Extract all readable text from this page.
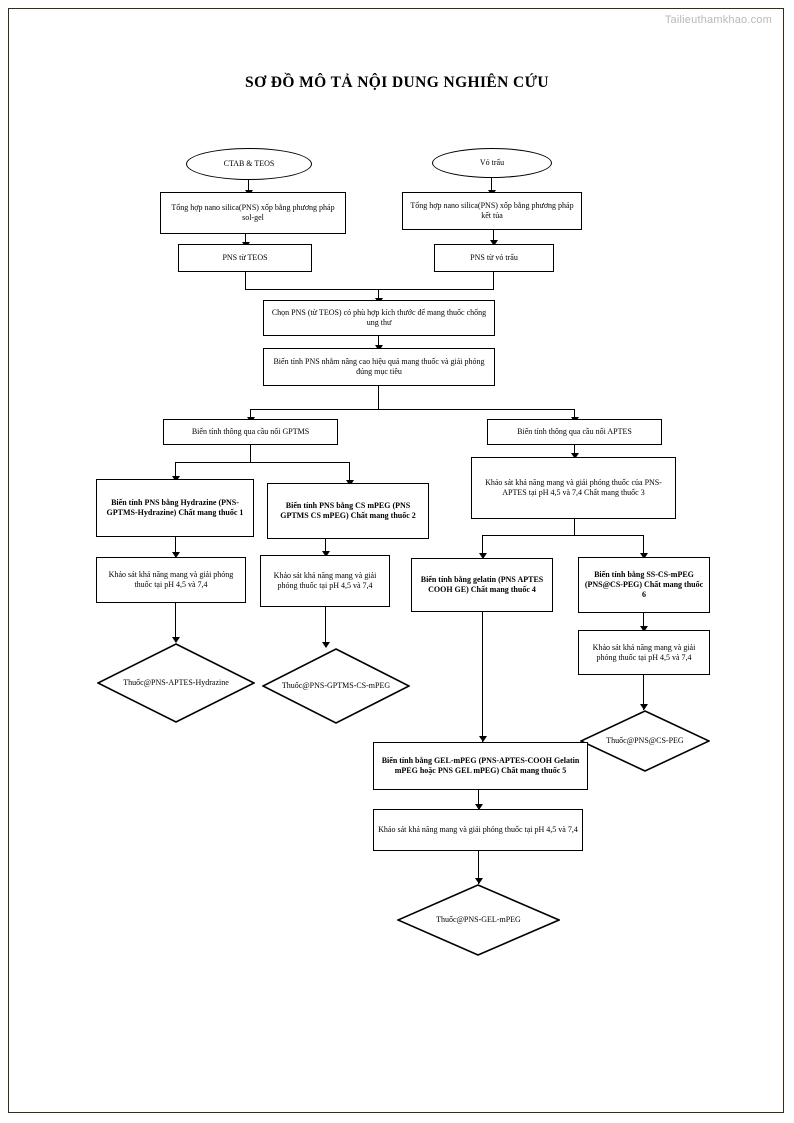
Tailieuthamkhao.com
SƠ ĐỒ MÔ TẢ NỘI DUNG NGHIÊN CỨU
CTAB & TEOS	Vỏ trấu
Tổng hợp nano silica(PNS) xốp bằng phương pháp sol-gel
Tổng hợp nano silica(PNS) xốp bằng phương pháp kết tủa
PNS từ TEOS	PNS từ vỏ trấu
Chọn PNS (từ TEOS) có phù hợp kích thước để mang thuốc chống ung thư
Biến tính PNS nhằm nâng cao hiệu quả mang thuốc và giải phóng đúng mục tiêu
Biến tính thông qua cầu nối GPTMS	Biến tính thông qua cầu nối APTES
Biến tính PNS bằng Hydrazine (PNS-GPTMS-Hydrazine) Chất mang thuốc 1
Biến tính PNS bằng CS mPEG (PNS GPTMS CS mPEG) Chất mang thuốc 2
Khảo sát khả năng mang và giải phóng thuốc của PNS-APTES tại pH 4,5 và 7,4 Chất mang thuốc 3
Khảo sát khả năng mang và giải phóng thuốc tại pH 4,5 và 7,4
Khảo sát khả năng mang và giải phóng thuốc tại pH 4,5 và 7,4
Biến tính bằng gelatin (PNS APTES COOH GE) Chất mang thuốc 4
Biến tính bằng SS-CS-mPEG (PNS@CS-PEG) Chất mang thuốc 6
Khảo sát khả năng mang và giải phóng thuốc tại pH 4,5 và 7,4
Thuốc@PNS-APTES-Hydrazine	Thuốc@PNS-GPTMS-CS-mPEG
Thuốc@PNS@CS-PEG
Biến tính bằng GEL-mPEG (PNS-APTES-COOH Gelatin mPEG hoặc PNS GEL mPEG) Chất mang thuốc 5
Khảo sát khả năng mang và giải phóng thuốc tại pH 4,5 và 7,4
Thuốc@PNS-GEL-mPEG
